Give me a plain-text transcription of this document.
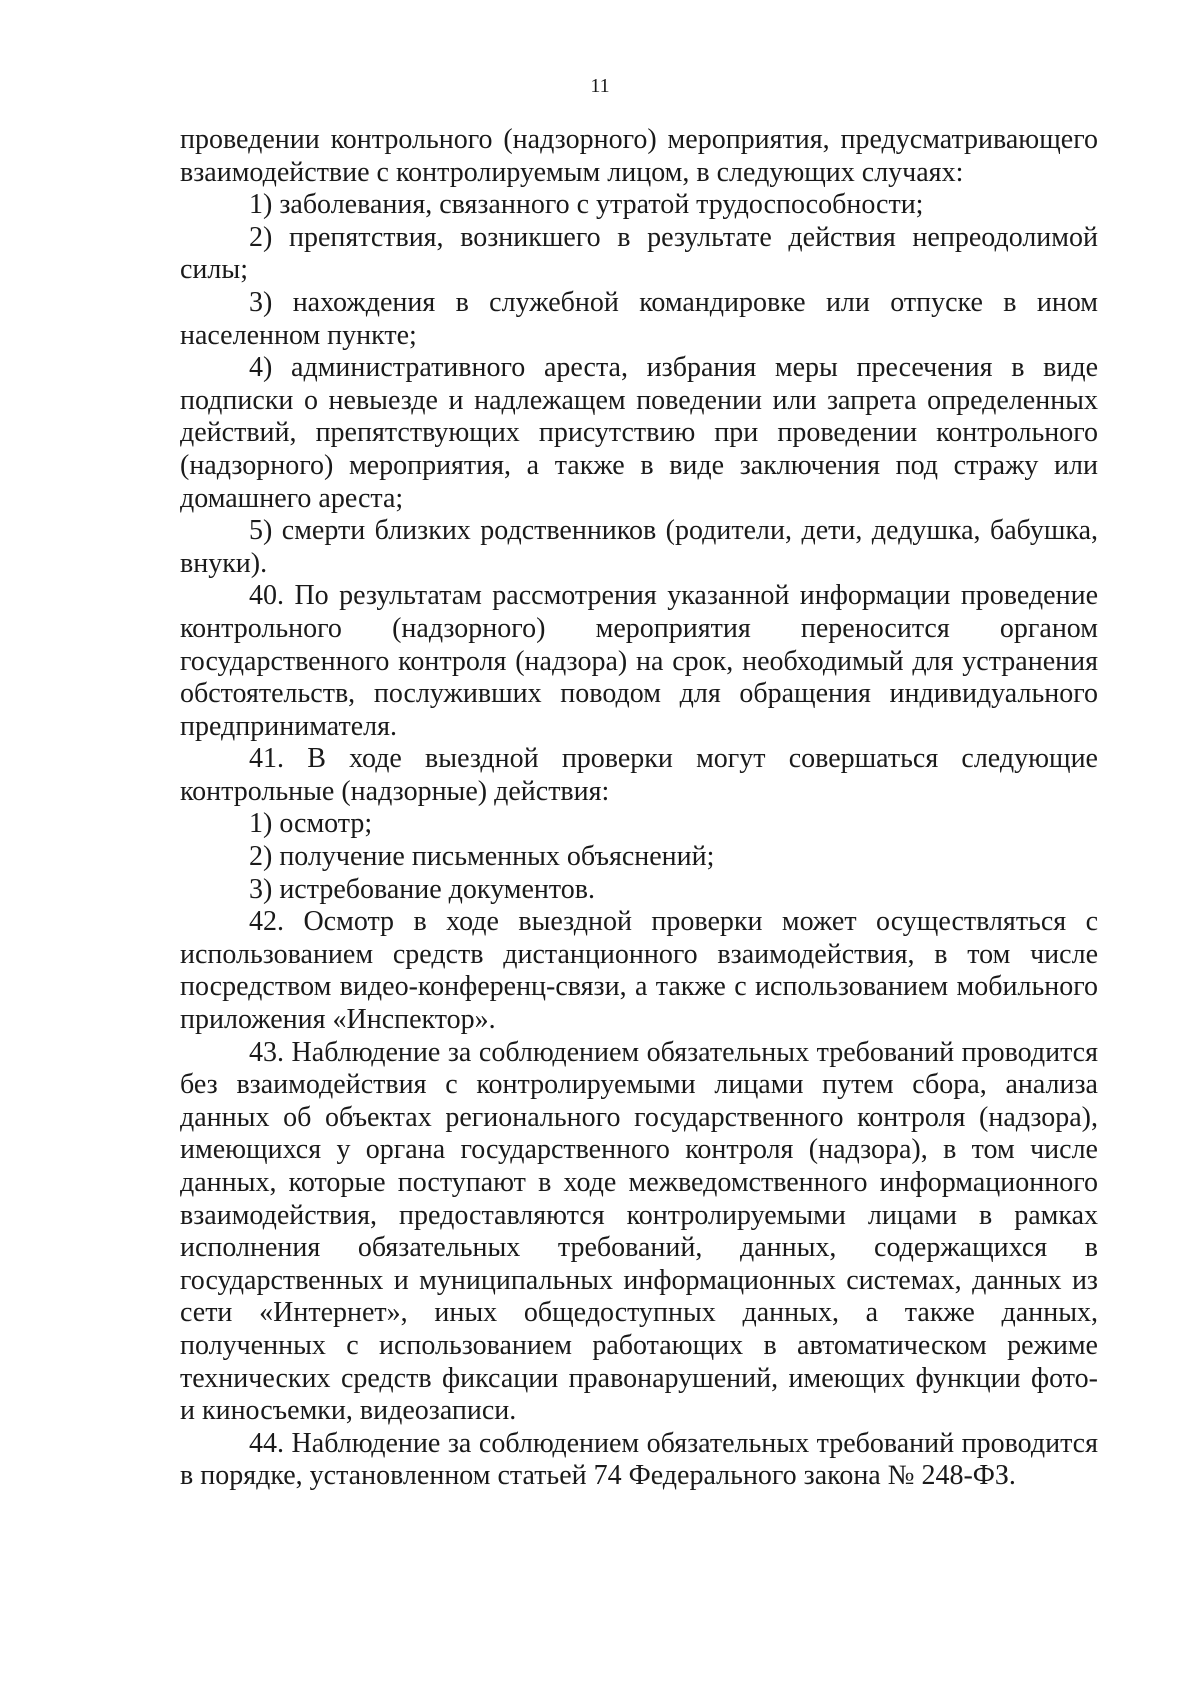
11

проведении контрольного (надзорного) мероприятия, предусматривающего взаимодействие с контролируемым лицом, в следующих случаях:

1) заболевания, связанного с утратой трудоспособности;

2) препятствия, возникшего в результате действия непреодолимой силы;

3) нахождения в служебной командировке или отпуске в ином населенном пункте;

4) административного ареста, избрания меры пресечения в виде подписки о невыезде и надлежащем поведении или запрета определенных действий, препятствующих присутствию при проведении контрольного (надзорного) мероприятия, а также в виде заключения под стражу или домашнего ареста;

5) смерти близких родственников (родители, дети, дедушка, бабушка, внуки).

40. По результатам рассмотрения указанной информации проведение контрольного (надзорного) мероприятия переносится органом государственного контроля (надзора) на срок, необходимый для устранения обстоятельств, послуживших поводом для обращения индивидуального предпринимателя.

41. В ходе выездной проверки могут совершаться следующие контрольные (надзорные) действия:

1) осмотр;

2) получение письменных объяснений;

3) истребование документов.

42. Осмотр в ходе выездной проверки может осуществляться с использованием средств дистанционного взаимодействия, в том числе посредством видео-конференц-связи, а также с использованием мобильного приложения «Инспектор».

43. Наблюдение за соблюдением обязательных требований проводится без взаимодействия с контролируемыми лицами путем сбора, анализа данных об объектах регионального государственного контроля (надзора), имеющихся у органа государственного контроля (надзора), в том числе данных, которые поступают в ходе межведомственного информационного взаимодействия, предоставляются контролируемыми лицами в рамках исполнения обязательных требований, данных, содержащихся в государственных и муниципальных информационных системах, данных из сети «Интернет», иных общедоступных данных, а также данных, полученных с использованием работающих в автоматическом режиме технических средств фиксации правонарушений, имеющих функции фото- и киносъемки, видеозаписи.

44. Наблюдение за соблюдением обязательных требований проводится в порядке, установленном статьей 74 Федерального закона № 248-ФЗ.
